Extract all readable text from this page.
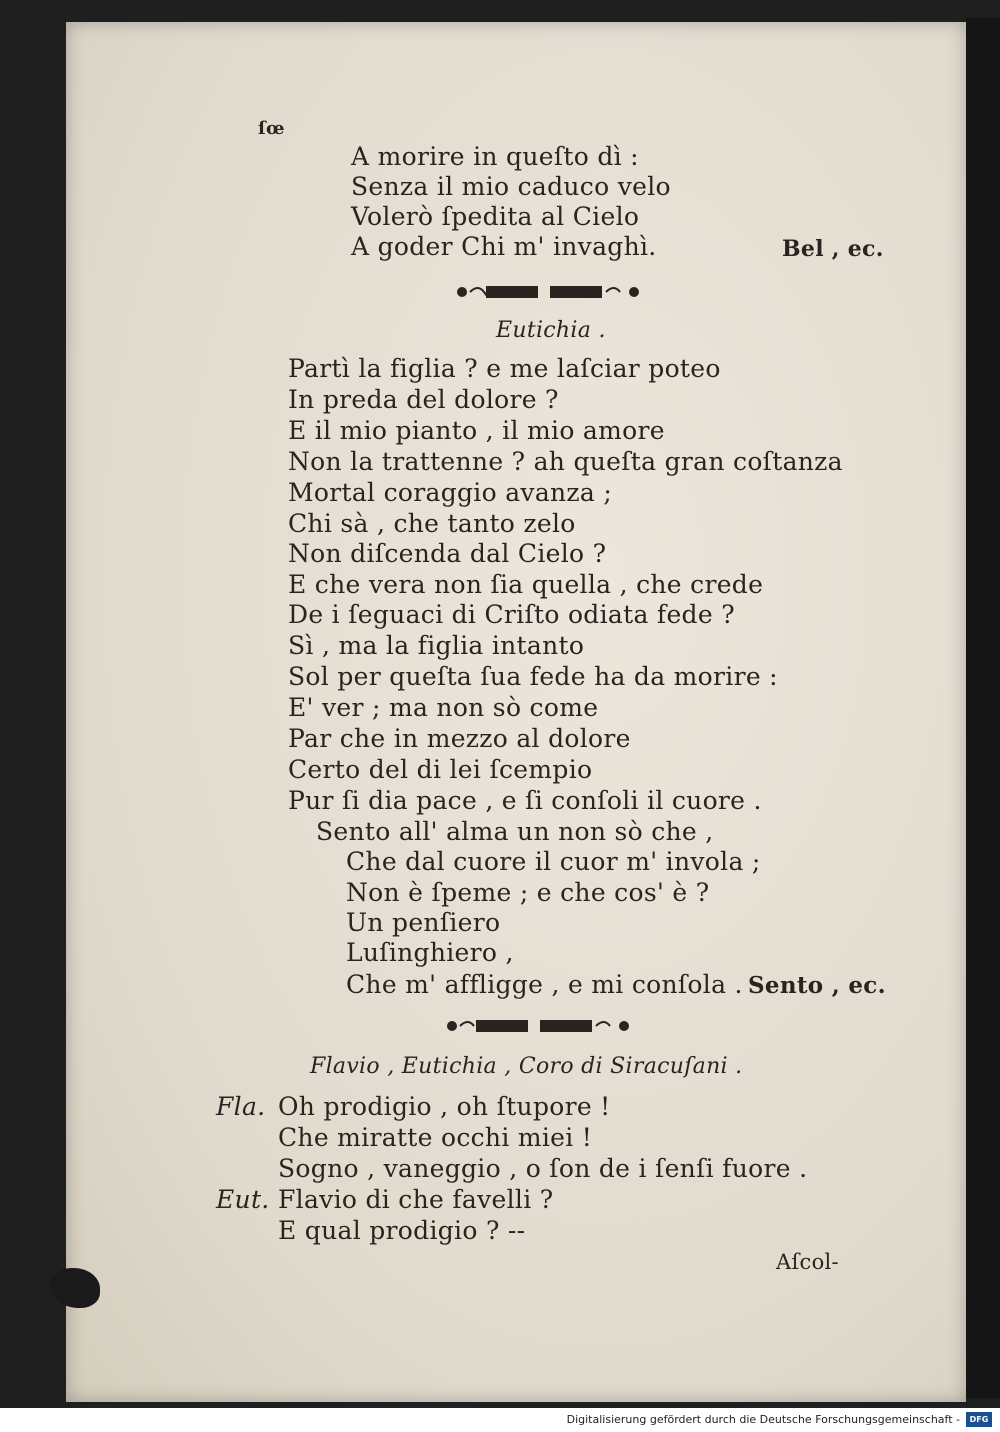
ſœ
A morire in queſto dì :
Senza il mio caduco velo
Volerò ſpedita al Cielo
A goder Chi m' invaghì.	Bel , ec.
Eutichia .
Partì la figlia ? e me laſciar poteo
In preda del dolore ?
E il mio pianto , il mio amore
Non la trattenne ? ah queſta gran coſtanza
Mortal coraggio avanza ;
Chi sà , che tanto zelo
Non diſcenda dal Cielo ?
E che vera non ſia quella , che crede
De i ſeguaci di Criſto odiata fede ?
Sì , ma la figlia intanto
Sol per queſta ſua fede ha da morire :
E' ver ; ma non sò come
Par che in mezzo al dolore
Certo del di lei ſcempio
Pur ſi dia pace , e ſi conſoli il cuore .
Sento all' alma un non sò che ,
Che dal cuore il cuor m' invola ;
Non è ſpeme ; e che cos' è ?
Un penſiero
Luſinghiero ,
Che m' affligge , e mi conſola . Sento , ec.
Flavio , Eutichia , Coro di Siracuſani .
Fla. Oh prodigio , oh ſtupore !
Che miratte occhi miei !
Sogno , vaneggio , o ſon de i ſenſi fuore .
Eut. Flavio di che favelli ?
E qual prodigio ? --
Aſcol-
Digitalisierung gefördert durch die Deutsche Forschungsgemeinschaft -	DFG
